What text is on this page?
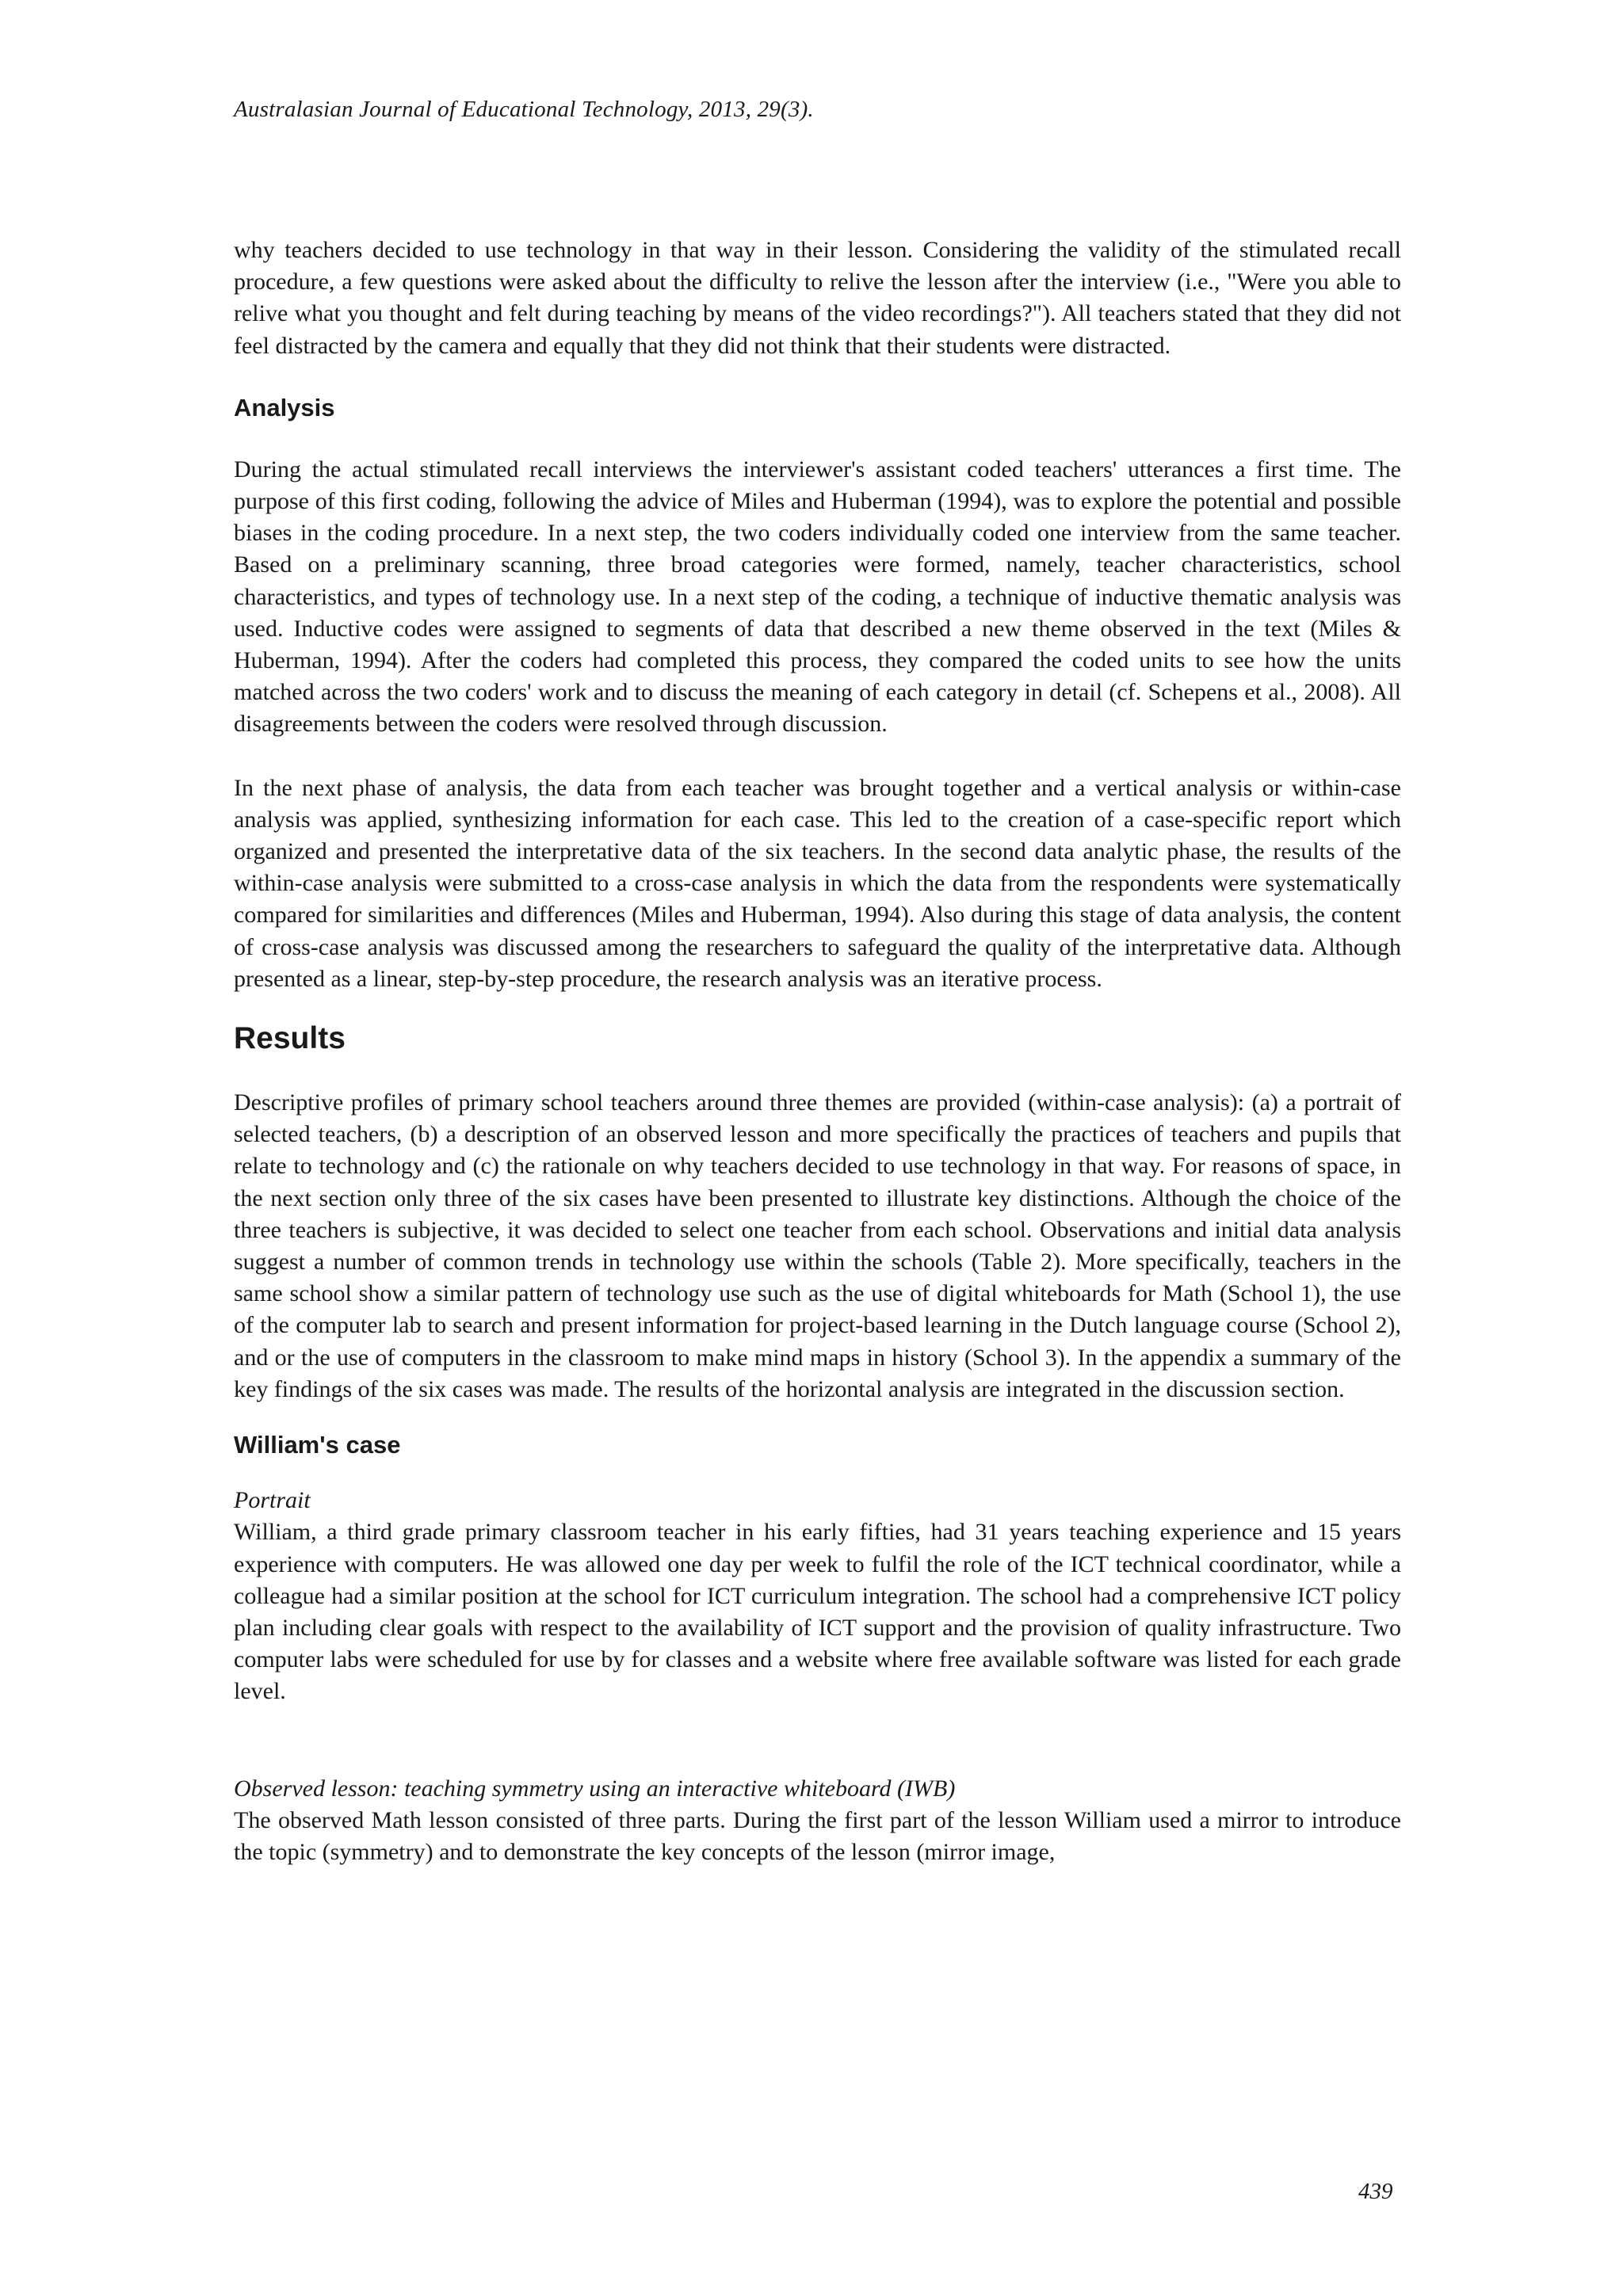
Australasian Journal of Educational Technology, 2013, 29(3).

why teachers decided to use technology in that way in their lesson. Considering the validity of the stimulated recall procedure, a few questions were asked about the difficulty to relive the lesson after the interview (i.e., "Were you able to relive what you thought and felt during teaching by means of the video recordings?"). All teachers stated that they did not feel distracted by the camera and equally that they did not think that their students were distracted.

Analysis

During the actual stimulated recall interviews the interviewer's assistant coded teachers' utterances a first time. The purpose of this first coding, following the advice of Miles and Huberman (1994), was to explore the potential and possible biases in the coding procedure. In a next step, the two coders individually coded one interview from the same teacher. Based on a preliminary scanning, three broad categories were formed, namely, teacher characteristics, school characteristics, and types of technology use. In a next step of the coding, a technique of inductive thematic analysis was used. Inductive codes were assigned to segments of data that described a new theme observed in the text (Miles & Huberman, 1994). After the coders had completed this process, they compared the coded units to see how the units matched across the two coders' work and to discuss the meaning of each category in detail (cf. Schepens et al., 2008). All disagreements between the coders were resolved through discussion.

In the next phase of analysis, the data from each teacher was brought together and a vertical analysis or within-case analysis was applied, synthesizing information for each case. This led to the creation of a case-specific report which organized and presented the interpretative data of the six teachers. In the second data analytic phase, the results of the within-case analysis were submitted to a cross-case analysis in which the data from the respondents were systematically compared for similarities and differences (Miles and Huberman, 1994). Also during this stage of data analysis, the content of cross-case analysis was discussed among the researchers to safeguard the quality of the interpretative data. Although presented as a linear, step-by-step procedure, the research analysis was an iterative process.

Results

Descriptive profiles of primary school teachers around three themes are provided (within-case analysis): (a) a portrait of selected teachers, (b) a description of an observed lesson and more specifically the practices of teachers and pupils that relate to technology and (c) the rationale on why teachers decided to use technology in that way. For reasons of space, in the next section only three of the six cases have been presented to illustrate key distinctions. Although the choice of the three teachers is subjective, it was decided to select one teacher from each school. Observations and initial data analysis suggest a number of common trends in technology use within the schools (Table 2). More specifically, teachers in the same school show a similar pattern of technology use such as the use of digital whiteboards for Math (School 1), the use of the computer lab to search and present information for project-based learning in the Dutch language course (School 2), and or the use of computers in the classroom to make mind maps in history (School 3). In the appendix a summary of the key findings of the six cases was made. The results of the horizontal analysis are integrated in the discussion section.

William's case

Portrait

William, a third grade primary classroom teacher in his early fifties, had 31 years teaching experience and 15 years experience with computers. He was allowed one day per week to fulfil the role of the ICT technical coordinator, while a colleague had a similar position at the school for ICT curriculum integration. The school had a comprehensive ICT policy plan including clear goals with respect to the availability of ICT support and the provision of quality infrastructure. Two computer labs were scheduled for use by for classes and a website where free available software was listed for each grade level.

Observed lesson: teaching symmetry using an interactive whiteboard (IWB)

The observed Math lesson consisted of three parts. During the first part of the lesson William used a mirror to introduce the topic (symmetry) and to demonstrate the key concepts of the lesson (mirror image,

439
